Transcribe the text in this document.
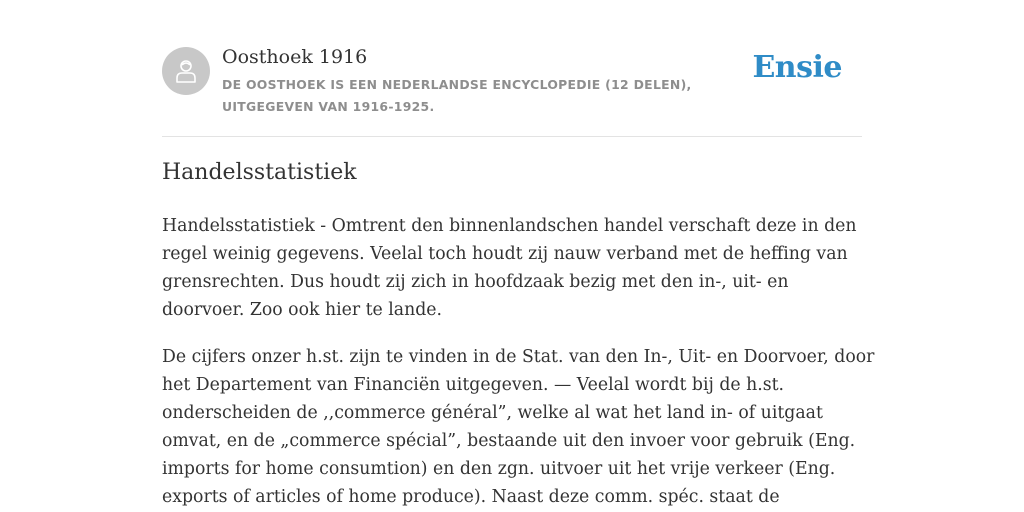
Oosthoek 1916
DE OOSTHOEK IS EEN NEDERLANDSE ENCYCLOPEDIE (12 DELEN), UITGEGEVEN VAN 1916-1925.
Ensie
Handelsstatistiek

Handelsstatistiek - Omtrent den binnenlandschen handel verschaft deze in den
regel weinig gegevens. Veelal toch houdt zij nauw verband met de heffing van
grensrechten. Dus houdt zij zich in hoofdzaak bezig met den in-, uit- en
doorvoer. Zoo ook hier te lande.

De cijfers onzer h.st. zijn te vinden in de Stat. van den In-, Uit- en Doorvoer, door
het Departement van Financiën uitgegeven. — Veelal wordt bij de h.st.
onderscheiden de ,,commerce général”, welke al wat het land in- of uitgaat
omvat, en de „commerce spécial”, bestaande uit den invoer voor gebruik (Eng.
imports for home consumtion) en den zgn. uitvoer uit het vrije verkeer (Eng.
exports of articles of home produce). Naast deze comm. spéc. staat de
